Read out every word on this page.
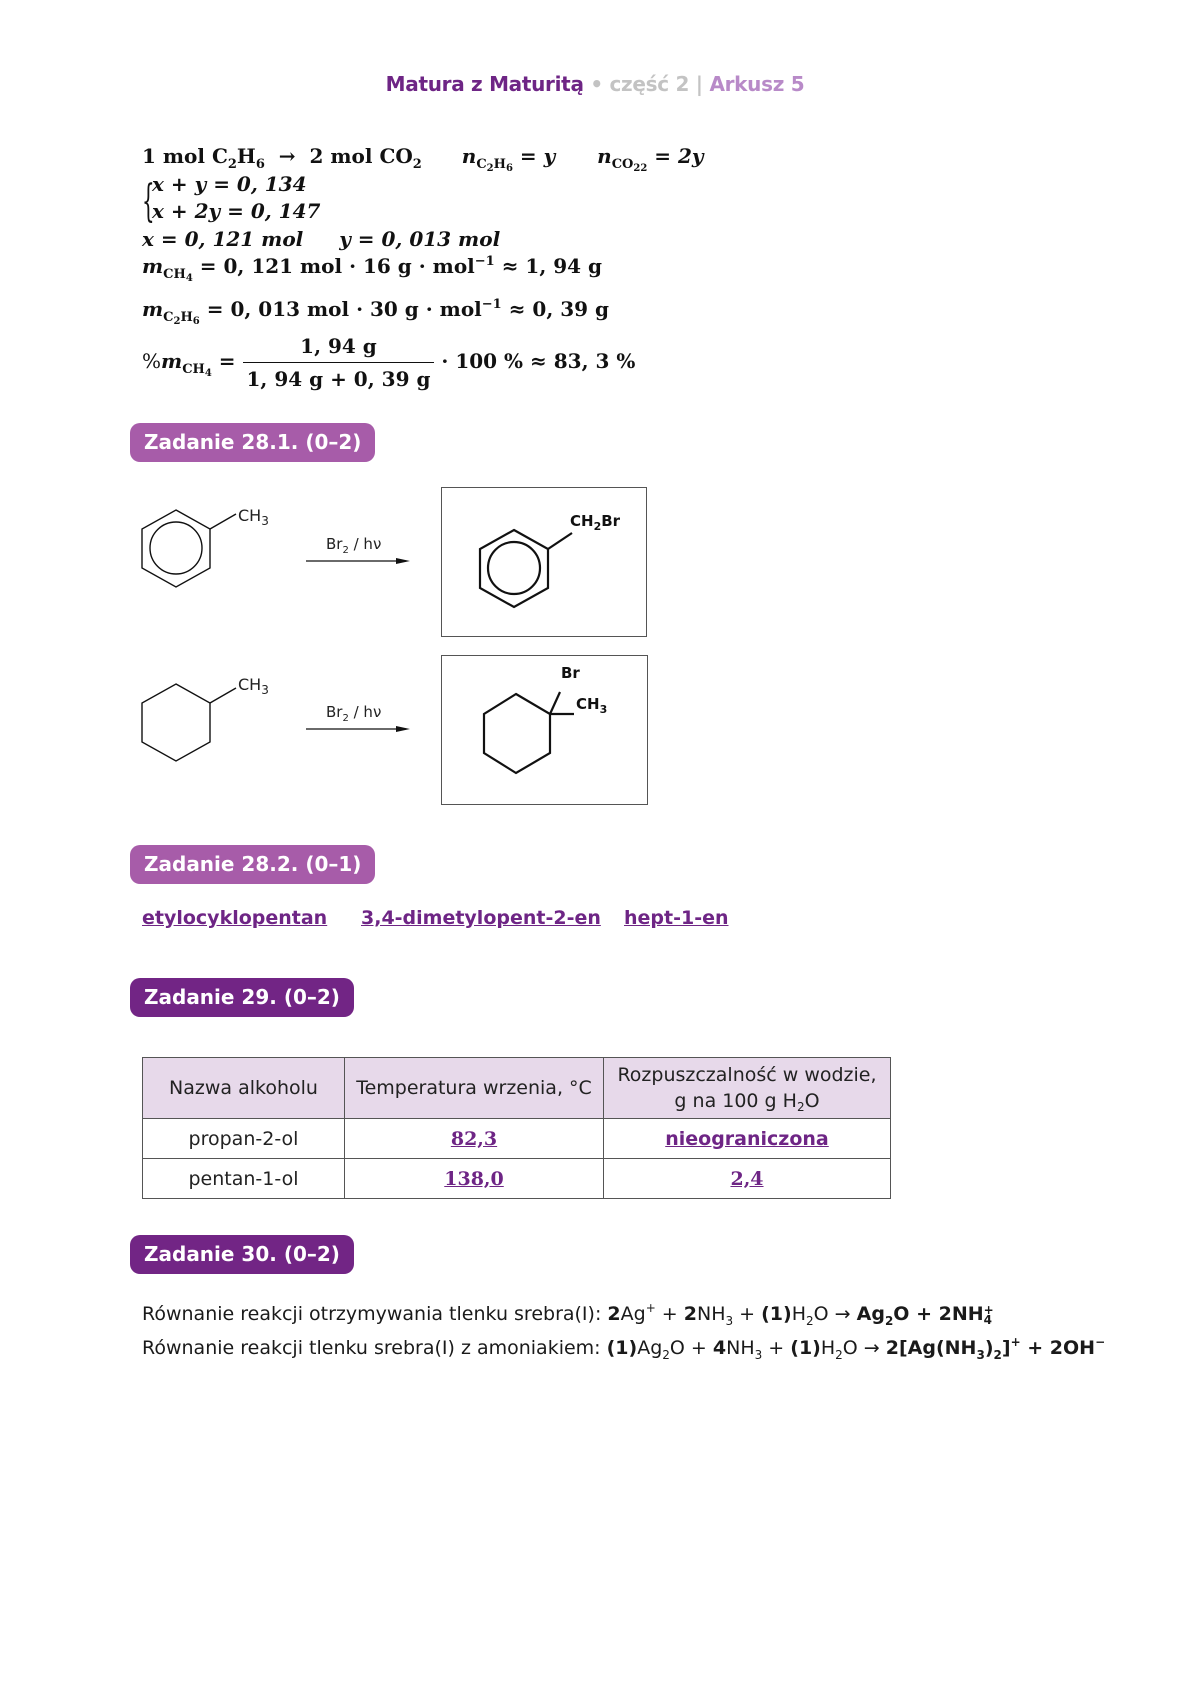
Matura z Maturitą • część 2 | Arkusz 5
1 mol $C_2H_6 \to 2$ mol $CO_2$ $n_{C_2H_6} = y$ $n_{CO_{22}} = 2y$
{
x + y = 0, 134
x + 2y = 0, 147
x = 0, 121 mol y = 0, 013 mol
$m_{CH_4} = 0$, 121 mol · 16 g · mol$^{-1}$ ≈ 1, 94 g
$m_{C_2H_6} = 0$, 013 mol · 30 g · mol$^{-1}$ ≈ 0, 39 g
$\%m_{CH_4} = \frac{1, 94 g}{1, 94 g + 0, 39 g} \cdot 100$ % ≈ 83, 3 %
Zadanie 28.1. (0–2)
$CH_3$
$Br_2$ / hν
$CH_2Br$
$CH_3$
$Br_2$ / hν
Br
$CH_3$
Zadanie 28.2. (0–1)
etylocyklopentan 3,4-dimetylopent-2-en hept-1-en
Zadanie 29. (0–2)
Nazwa alkoholu	Temperatura wrzenia, °C	Rozpuszczalność w wodzie,
g na 100 g $H_2O$
propan-2-ol	82,3	nieograniczona
pentan-1-ol	138,0	2,4
Zadanie 30. (0–2)
Równanie reakcji otrzymywania tlenku srebra(I): $2Ag^+ + 2NH_3 + (1)H_2O \to Ag_2O + 2NH$ +
4
Równanie reakcji tlenku srebra(I) z amoniakiem: $(1)Ag_2O + 4NH_3 + (1)H_2O \to 2[Ag(NH_3)_2]^+ + 2OH^-$
